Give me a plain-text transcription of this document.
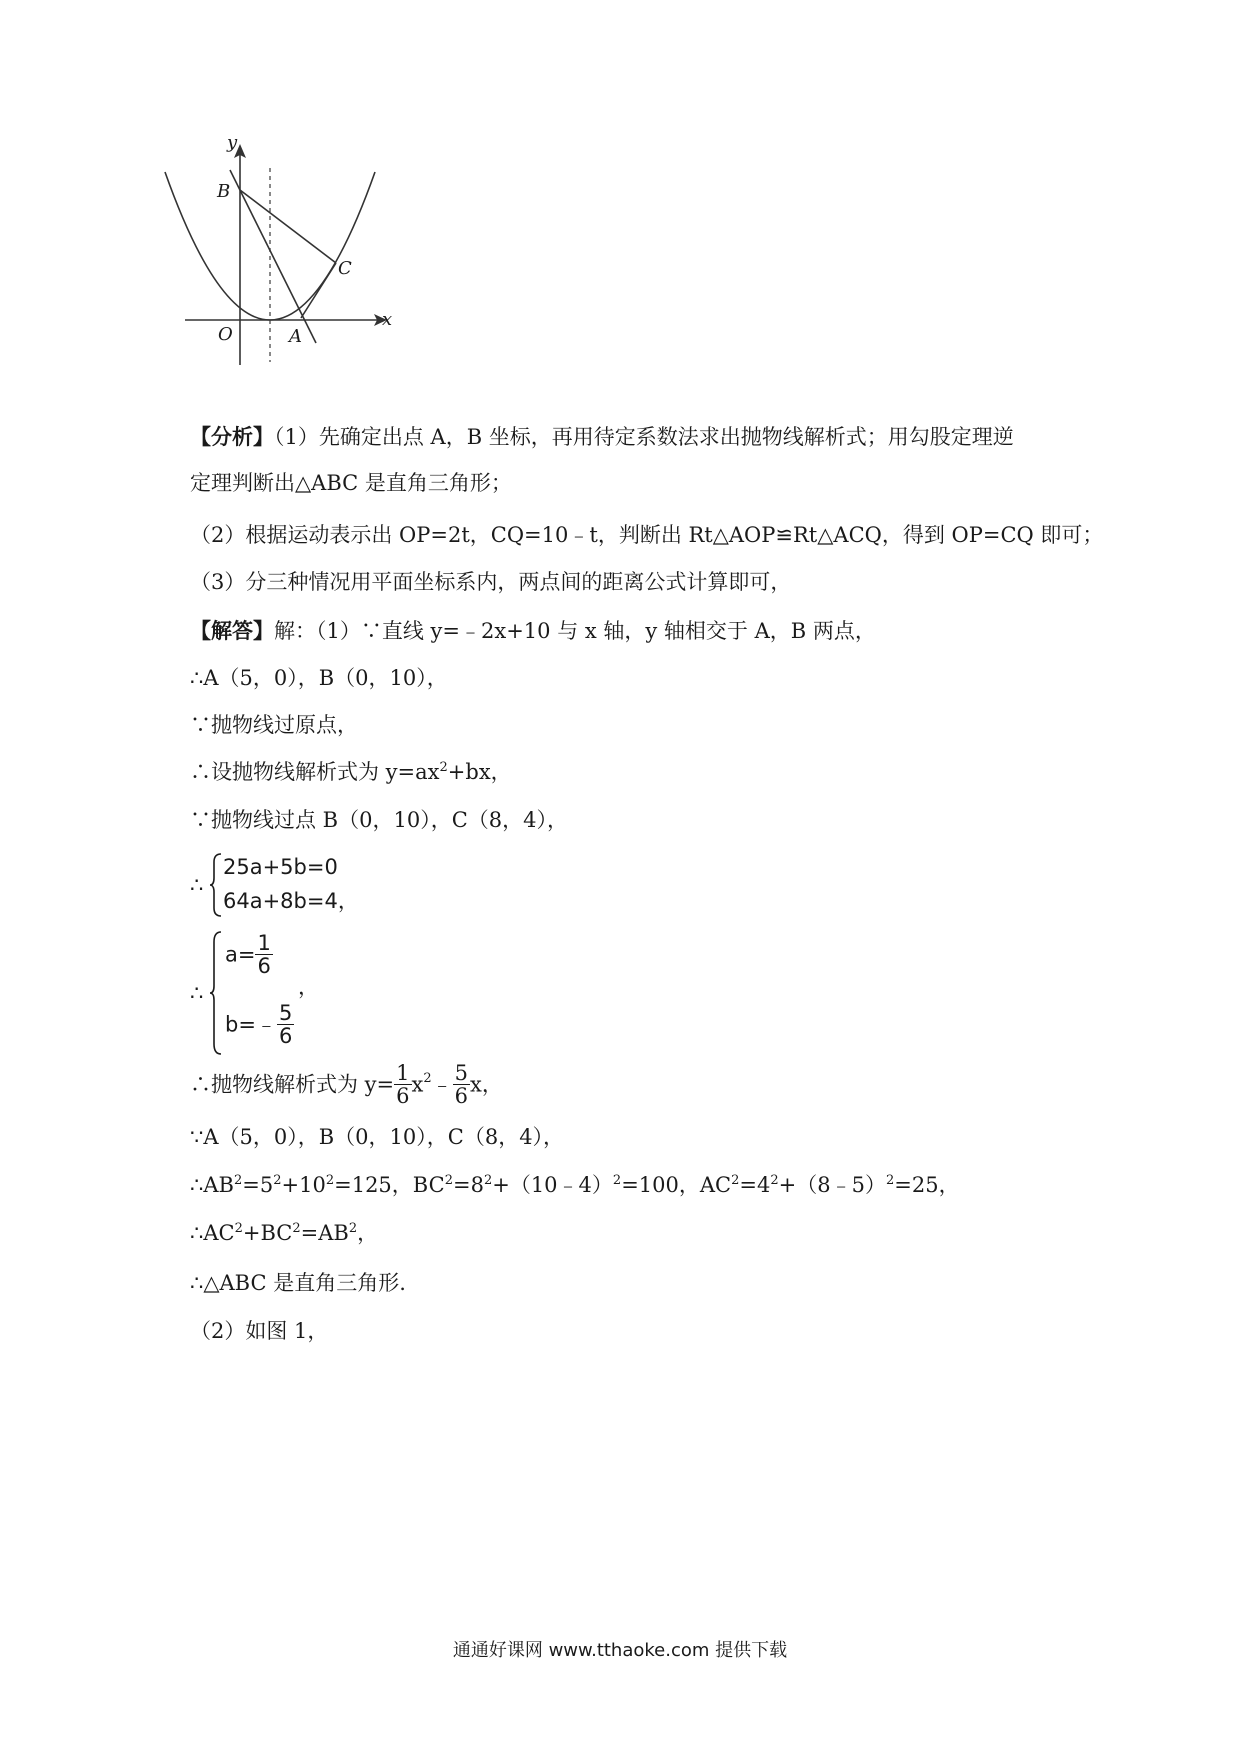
y
x
B
C
O	A
【分析】（1）先确定出点 A，B 坐标，再用待定系数法求出抛物线解析式；用勾股定理逆
定理判断出△ABC 是直角三角形；
（2）根据运动表示出 OP=2t，CQ=10﹣t，判断出 Rt△AOP≌Rt△ACQ，得到 OP=CQ 即可；
（3）分三种情况用平面坐标系内，两点间的距离公式计算即可，
【解答】解：（1）∵直线 y=﹣2x+10 与 x 轴，y 轴相交于 A，B 两点，
∴A（5，0），B（0，10），
∵抛物线过原点，
∴设抛物线解析式为 $y=ax^2+bx$，
∵抛物线过点 B（0，10），C（8，4），
∴
25a+5b=0
64a+8b=4，
∴
$a= \frac{1}{6}$
b=﹣ $\frac{5}{6}$
，
∴抛物线解析式为 $y= \frac{1}{6}$ $x^2﹣ \frac{5}{6}$ x，
∵A（5，0），B（0，10），C（8，4），
$\therefore AB^2=5^2+10^2=125$，$BC^2=8^2+(10﹣4)^2=100$，$AC^2=4^2+(8﹣5)^2=25$，
$\therefore AC^2+BC^2=AB^2$，
∴△ABC 是直角三角形.
（2）如图 1，
通通好课网 www.tthaoke.com 提供下载
